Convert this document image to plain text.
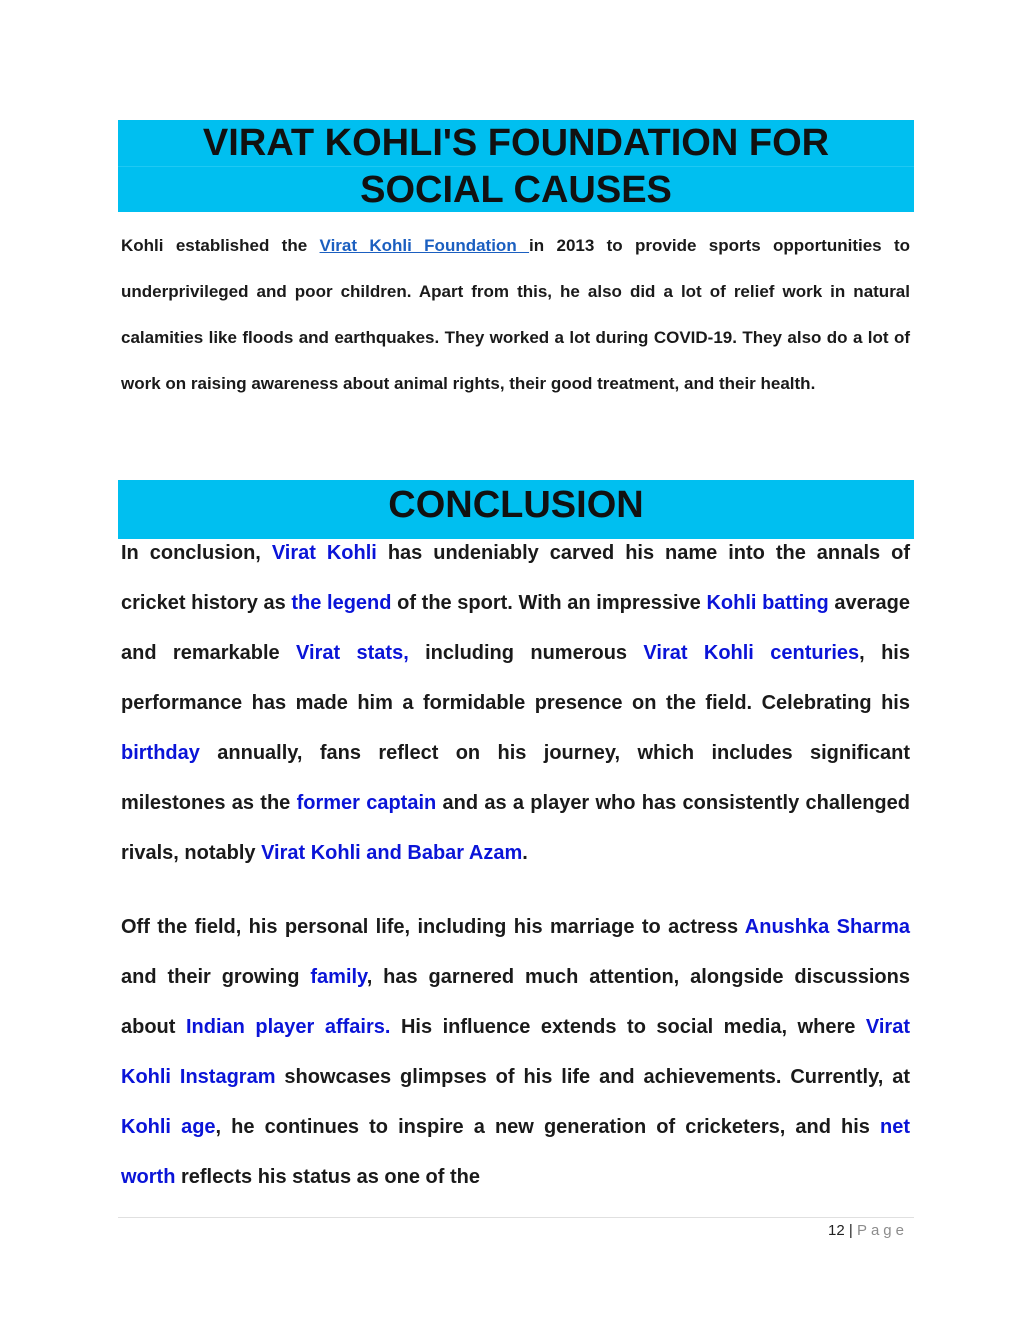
VIRAT KOHLI'S FOUNDATION FOR
SOCIAL CAUSES

Kohli established the Virat Kohli Foundation in 2013 to provide sports opportunities to underprivileged and poor children. Apart from this, he also did a lot of relief work in natural calamities like floods and earthquakes. They worked a lot during COVID-19. They also do a lot of work on raising awareness about animal rights, their good treatment, and their health.

CONCLUSION

In conclusion, Virat Kohli has undeniably carved his name into the annals of cricket history as the legend of the sport. With an impressive Kohli batting average and remarkable Virat stats, including numerous Virat Kohli centuries, his performance has made him a formidable presence on the field. Celebrating his birthday annually, fans reflect on his journey, which includes significant milestones as the former captain and as a player who has consistently challenged rivals, notably Virat Kohli and Babar Azam.

Off the field, his personal life, including his marriage to actress Anushka Sharma and their growing family, has garnered much attention, alongside discussions about Indian player affairs. His influence extends to social media, where Virat Kohli Instagram showcases glimpses of his life and achievements. Currently, at Kohli age, he continues to inspire a new generation of cricketers, and his net worth reflects his status as one of the

12 | Page
